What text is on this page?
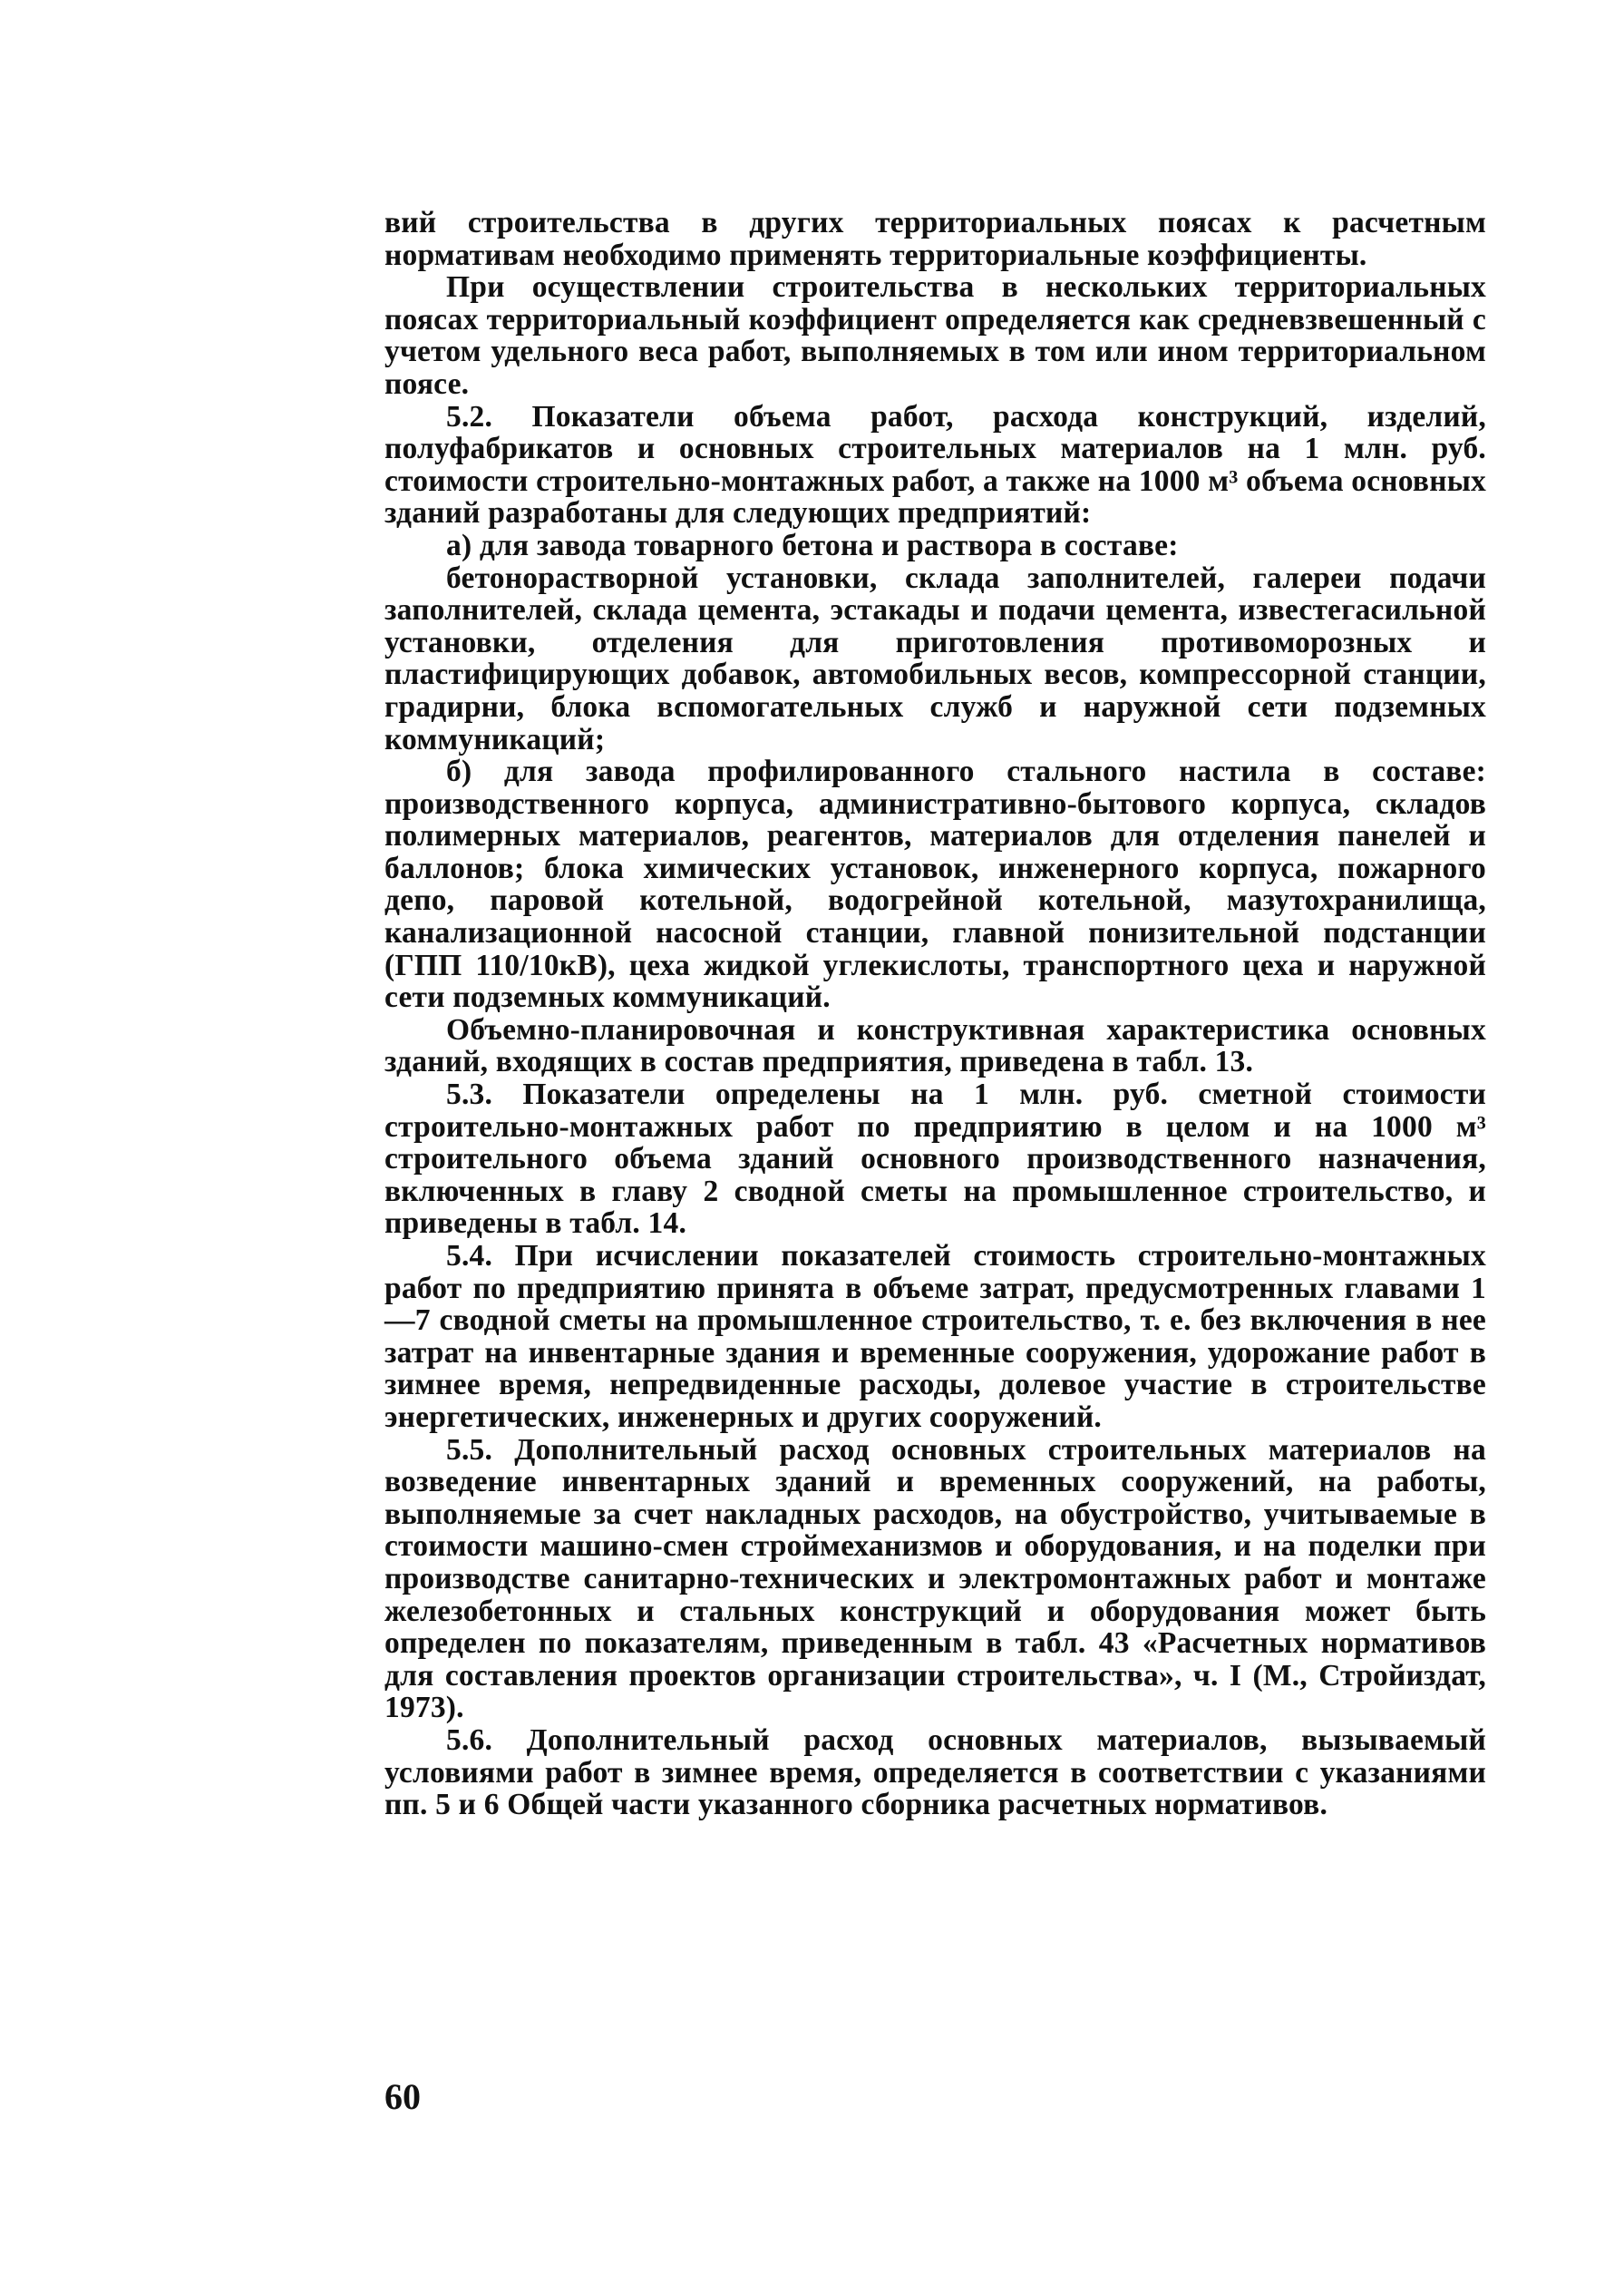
вий строительства в других территориальных поясах к расчетным нормативам необходимо применять территориальные коэффициенты.

При осуществлении строительства в нескольких территориальных поясах территориальный коэффициент определяется как средневзвешенный с учетом удельного веса работ, выполняемых в том или ином территориальном поясе.

5.2. Показатели объема работ, расхода конструкций, изделий, полуфабрикатов и основных строительных материалов на 1 млн. руб. стоимости строительно-монтажных работ, а также на 1000 м³ объема основных зданий разработаны для следующих предприятий:

а) для завода товарного бетона и раствора в составе:

бетонорастворной установки, склада заполнителей, галереи подачи заполнителей, склада цемента, эстакады и подачи цемента, известегасильной установки, отделения для приготовления противоморозных и пластифицирующих добавок, автомобильных весов, компрессорной станции, градирни, блока вспомогательных служб и наружной сети подземных коммуникаций;

б) для завода профилированного стального настила в составе: производственного корпуса, административно-бытового корпуса, складов полимерных материалов, реагентов, материалов для отделения панелей и баллонов; блока химических установок, инженерного корпуса, пожарного депо, паровой котельной, водогрейной котельной, мазутохранилища, канализационной насосной станции, главной понизительной подстанции (ГПП 110/10кВ), цеха жидкой углекислоты, транспортного цеха и наружной сети подземных коммуникаций.

Объемно-планировочная и конструктивная характеристика основных зданий, входящих в состав предприятия, приведена в табл. 13.

5.3. Показатели определены на 1 млн. руб. сметной стоимости строительно-монтажных работ по предприятию в целом и на 1000 м³ строительного объема зданий основного производственного назначения, включенных в главу 2 сводной сметы на промышленное строительство, и приведены в табл. 14.

5.4. При исчислении показателей стоимость строительно-монтажных работ по предприятию принята в объеме затрат, предусмотренных главами 1—7 сводной сметы на промышленное строительство, т. е. без включения в нее затрат на инвентарные здания и временные сооружения, удорожание работ в зимнее время, непредвиденные расходы, долевое участие в строительстве энергетических, инженерных и других сооружений.

5.5. Дополнительный расход основных строительных материалов на возведение инвентарных зданий и временных сооружений, на работы, выполняемые за счет накладных расходов, на обустройство, учитываемые в стоимости машино-смен строймеханизмов и оборудования, и на поделки при производстве санитарно-технических и электромонтажных работ и монтаже железобетонных и стальных конструкций и оборудования может быть определен по показателям, приведенным в табл. 43 «Расчетных нормативов для составления проектов организации строительства», ч. I (М., Стройиздат, 1973).

5.6. Дополнительный расход основных материалов, вызываемый условиями работ в зимнее время, определяется в соответствии с указаниями пп. 5 и 6 Общей части указанного сборника расчетных нормативов.

60
